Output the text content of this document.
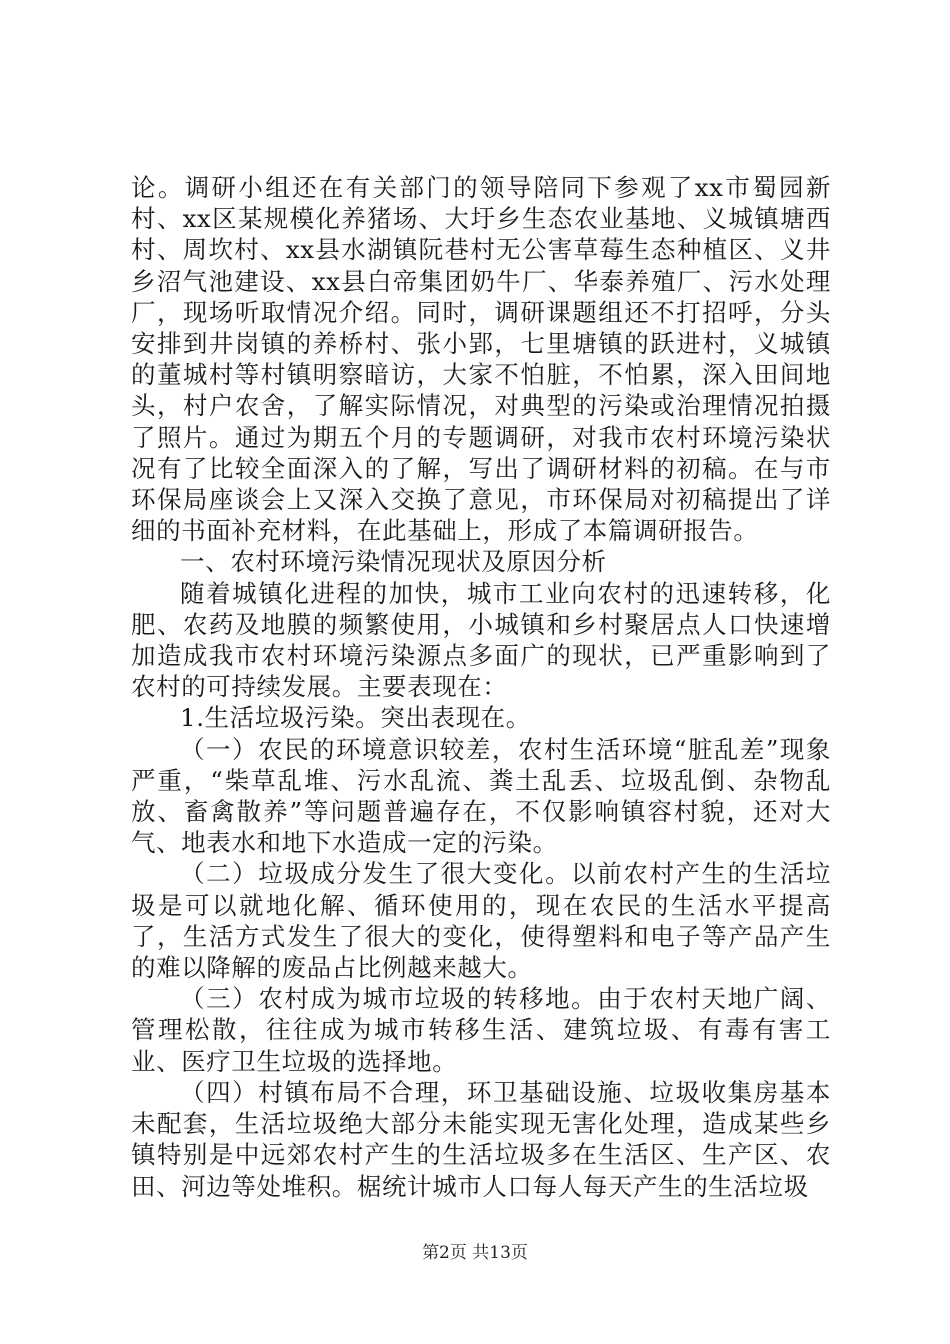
论。调研小组还在有关部门的领导陪同下参观了xx市蜀园新村、xx区某规模化养猪场、大圩乡生态农业基地、义城镇塘西村、周坎村、xx县水湖镇阮巷村无公害草莓生态种植区、义井乡沼气池建设、xx县白帝集团奶牛厂、华泰养殖厂、污水处理厂，现场听取情况介绍。同时，调研课题组还不打招呼，分头安排到井岗镇的养桥村、张小郢，七里塘镇的跃进村，义城镇的董城村等村镇明察暗访，大家不怕脏，不怕累，深入田间地头，村户农舍，了解实际情况，对典型的污染或治理情况拍摄了照片。通过为期五个月的专题调研，对我市农村环境污染状况有了比较全面深入的了解，写出了调研材料的初稿。在与市环保局座谈会上又深入交换了意见，市环保局对初稿提出了详细的书面补充材料，在此基础上，形成了本篇调研报告。

一、农村环境污染情况现状及原因分析

随着城镇化进程的加快，城市工业向农村的迅速转移，化肥、农药及地膜的频繁使用，小城镇和乡村聚居点人口快速增加造成我市农村环境污染源点多面广的现状，已严重影响到了农村的可持续发展。主要表现在：

1.生活垃圾污染。突出表现在。

（一）农民的环境意识较差，农村生活环境“脏乱差”现象严重，“柴草乱堆、污水乱流、粪土乱丢、垃圾乱倒、杂物乱放、畜禽散养”等问题普遍存在，不仅影响镇容村貌，还对大气、地表水和地下水造成一定的污染。

（二）垃圾成分发生了很大变化。以前农村产生的生活垃圾是可以就地化解、循环使用的，现在农民的生活水平提高了，生活方式发生了很大的变化，使得塑料和电子等产品产生的难以降解的废品占比例越来越大。

（三）农村成为城市垃圾的转移地。由于农村天地广阔、管理松散，往往成为城市转移生活、建筑垃圾、有毒有害工业、医疗卫生垃圾的选择地。

（四）村镇布局不合理，环卫基础设施、垃圾收集房基本未配套，生活垃圾绝大部分未能实现无害化处理，造成某些乡镇特别是中远郊农村产生的生活垃圾多在生活区、生产区、农田、河边等处堆积。椐统计城市人口每人每天产生的生活垃圾

第2页 共13页
